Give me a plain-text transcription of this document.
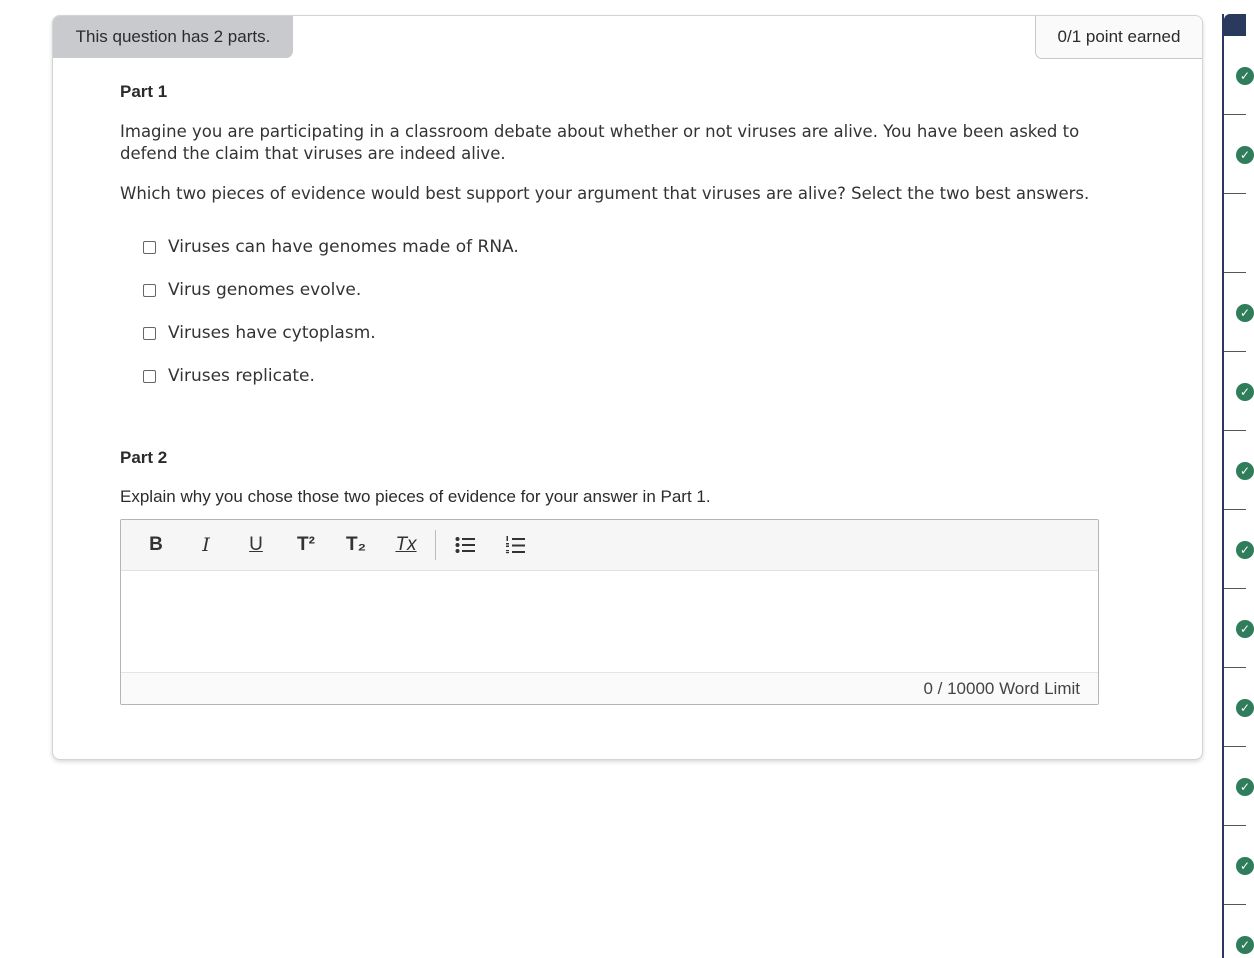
This question has 2 parts.	0/1 point earned
Part 1
Imagine you are participating in a classroom debate about whether or not viruses are alive. You have been asked to defend the claim that viruses are indeed alive.
Which two pieces of evidence would best support your argument that viruses are alive? Select the two best answers.
Viruses can have genomes made of RNA.
Virus genomes evolve.
Viruses have cytoplasm.
Viruses replicate.
Part 2
Explain why you chose those two pieces of evidence for your answer in Part 1.
B	I	U	T²	T₂	Tx
0 / 10000 Word Limit
✓
✓
✓
✓
✓
✓
✓
✓
✓
✓
✓
